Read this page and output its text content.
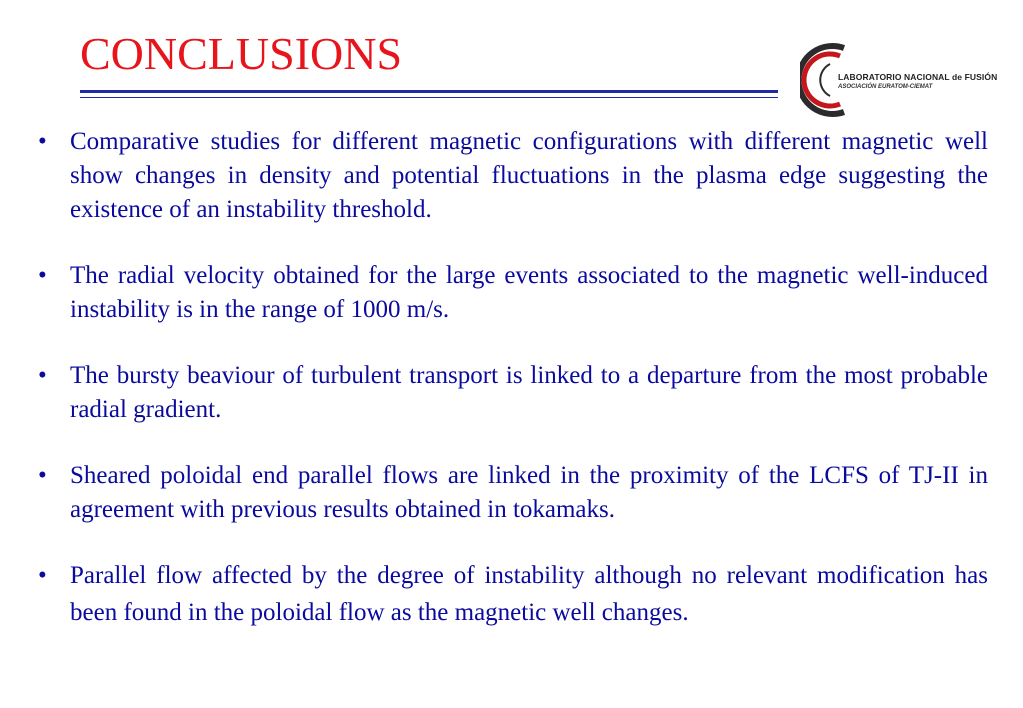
CONCLUSIONS	LABORATORIO NACIONAL de FUSIÓN
ASOCIACIÓN EURATOM-CIEMAT
• Comparative studies for different magnetic configurations with different magnetic well show changes in density and potential fluctuations in the plasma edge suggesting the existence of an instability threshold.
• The radial velocity obtained for the large events associated to the magnetic well-induced instability is in the range of 1000 m/s.
• The bursty beaviour of turbulent transport is linked to a departure from the most probable radial gradient.
• Sheared poloidal end parallel flows are linked in the proximity of the LCFS of TJ-II in agreement with previous results obtained in tokamaks.
• Parallel flow affected by the degree of instability although no relevant modification has been found in the poloidal flow as the magnetic well changes.
